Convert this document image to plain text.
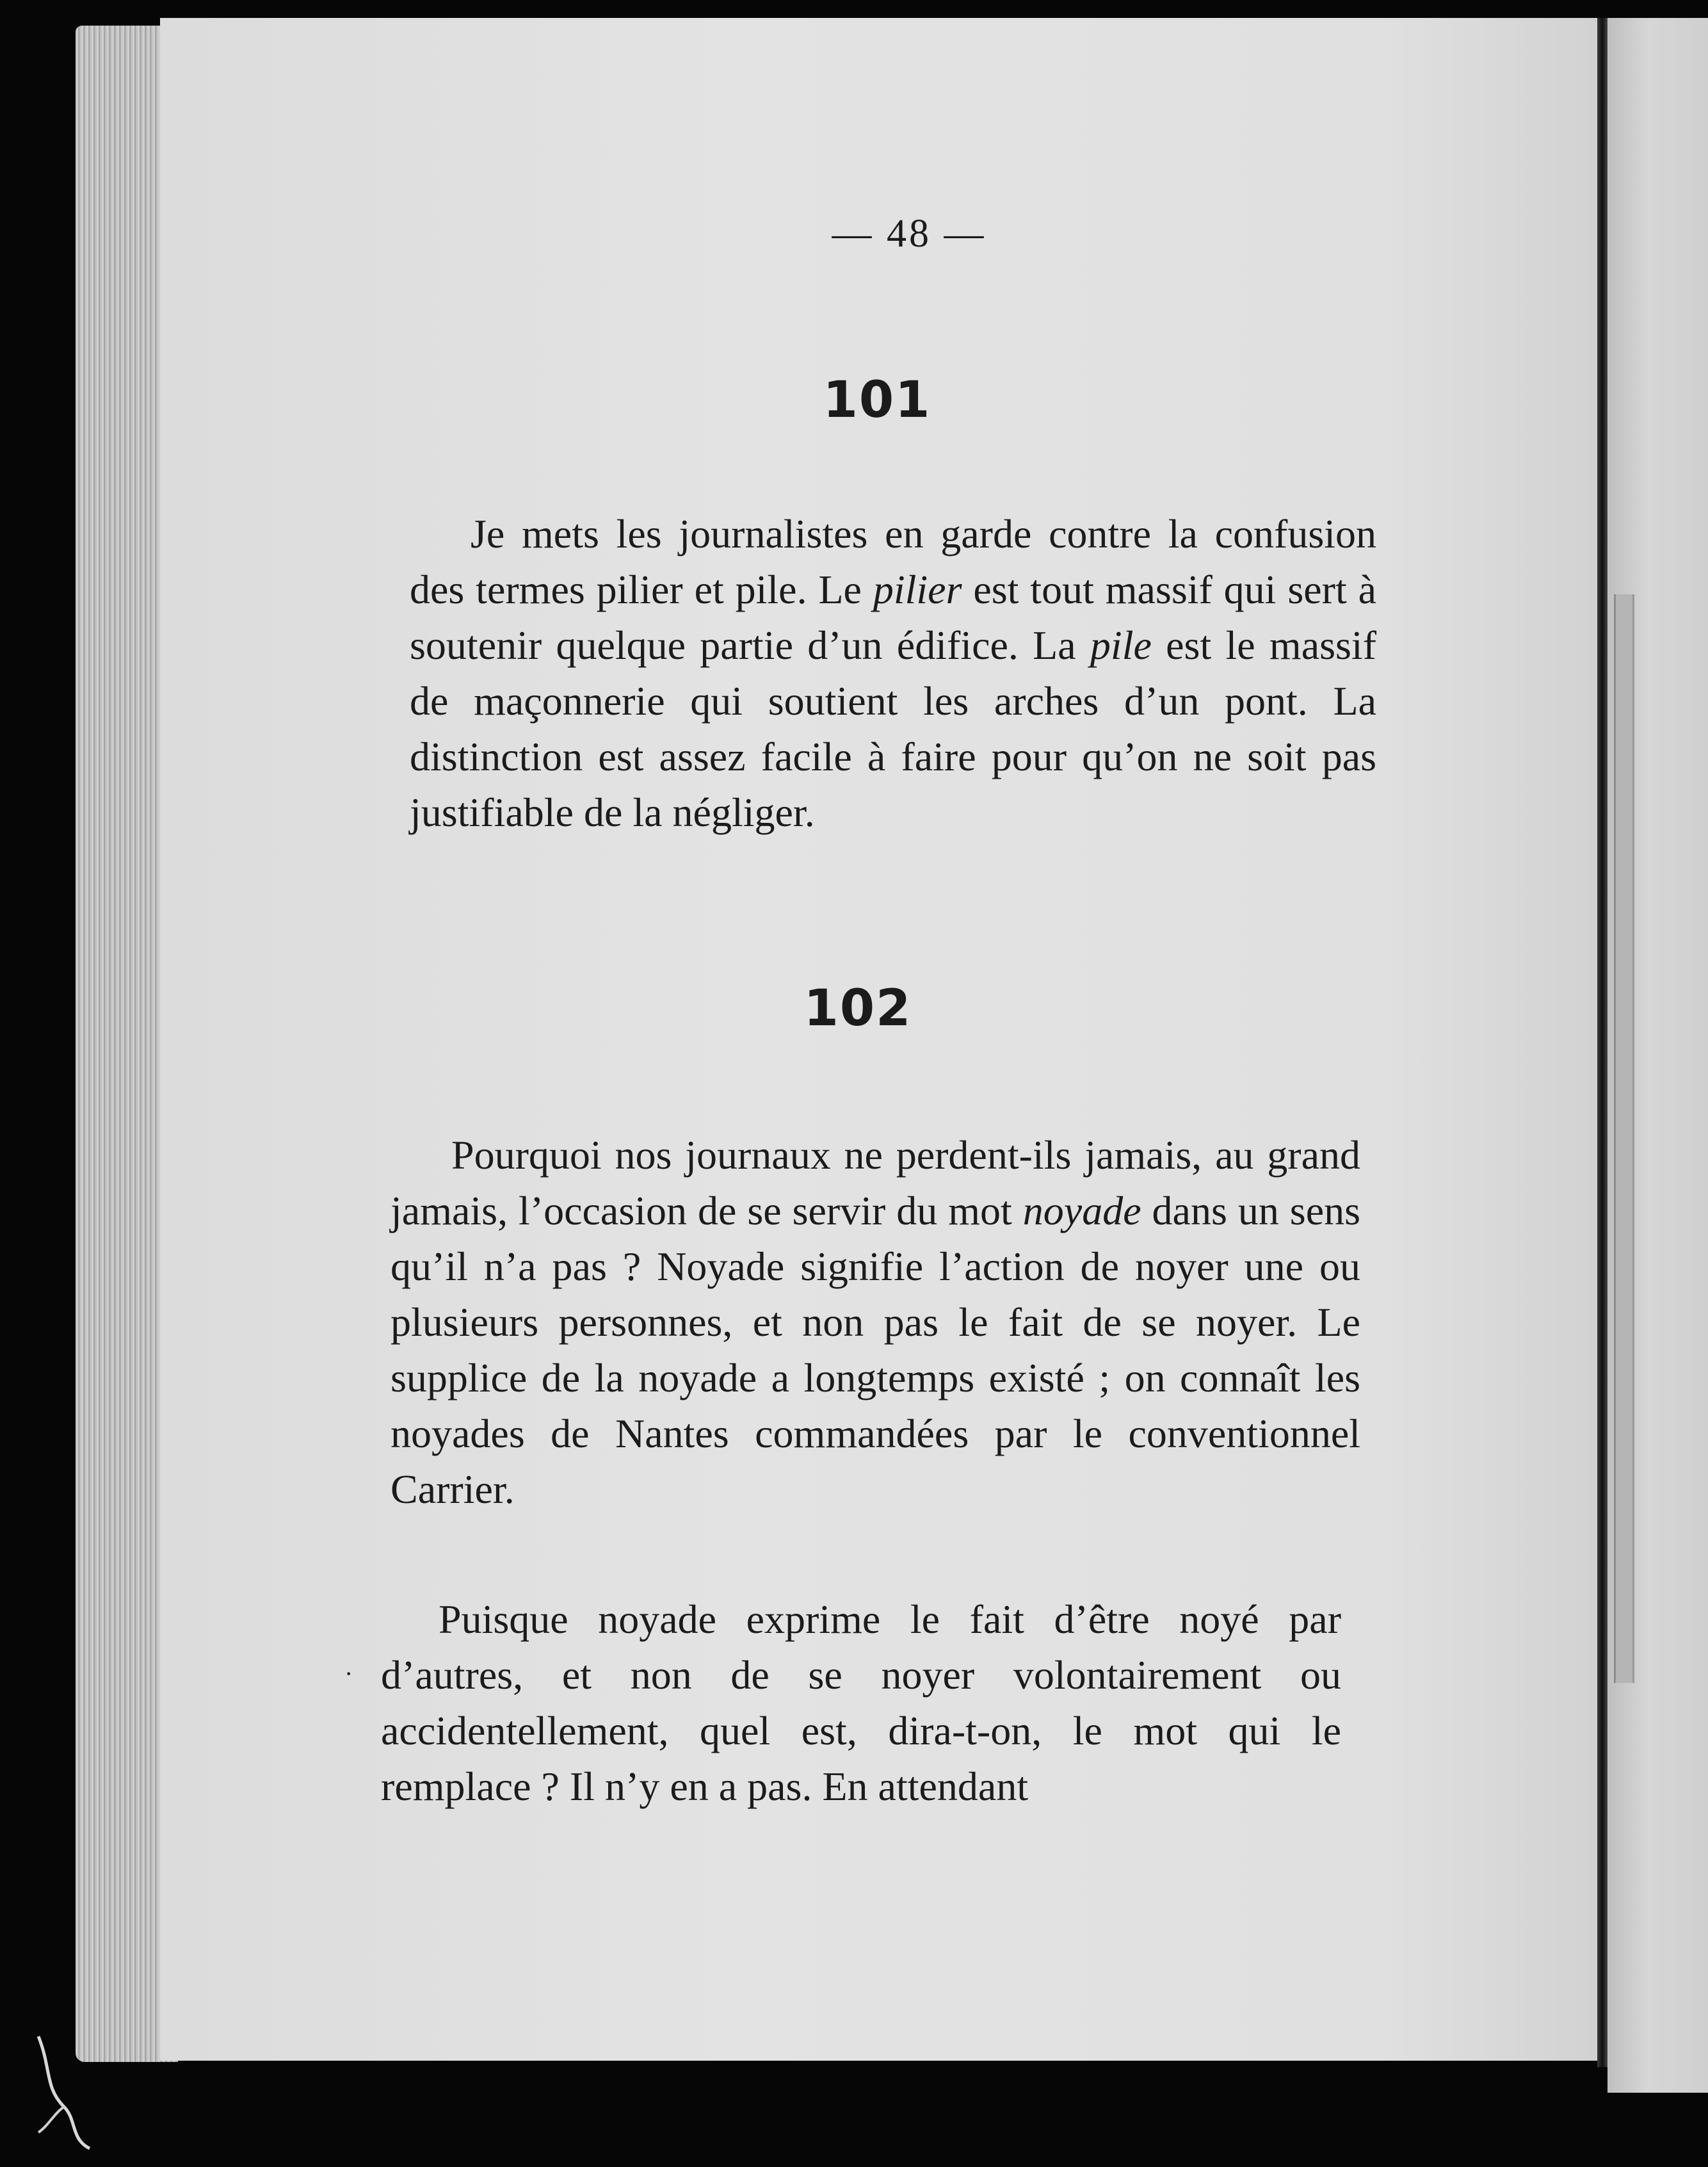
— 48 —
101
Je mets les journalistes en garde contre la confusion des termes pilier et pile. Le pilier est tout massif qui sert à soutenir quelque partie d’un édifice. La pile est le massif de maçonnerie qui soutient les arches d’un pont. La distinction est assez facile à faire pour qu’on ne soit pas justifiable de la négliger.
102
Pourquoi nos journaux ne perdent-ils jamais, au grand jamais, l’occasion de se servir du mot noyade dans un sens qu’il n’a pas ? Noyade signifie l’action de noyer une ou plusieurs personnes, et non pas le fait de se noyer. Le supplice de la noyade a longtemps existé ; on connaît les noyades de Nantes commandées par le conventionnel Carrier.
Puisque noyade exprime le fait d’être noyé par d’autres, et non de se noyer volontairement ou accidentellement, quel est, dira-t-on, le mot qui le remplace ? Il n’y en a pas. En attendant
·
